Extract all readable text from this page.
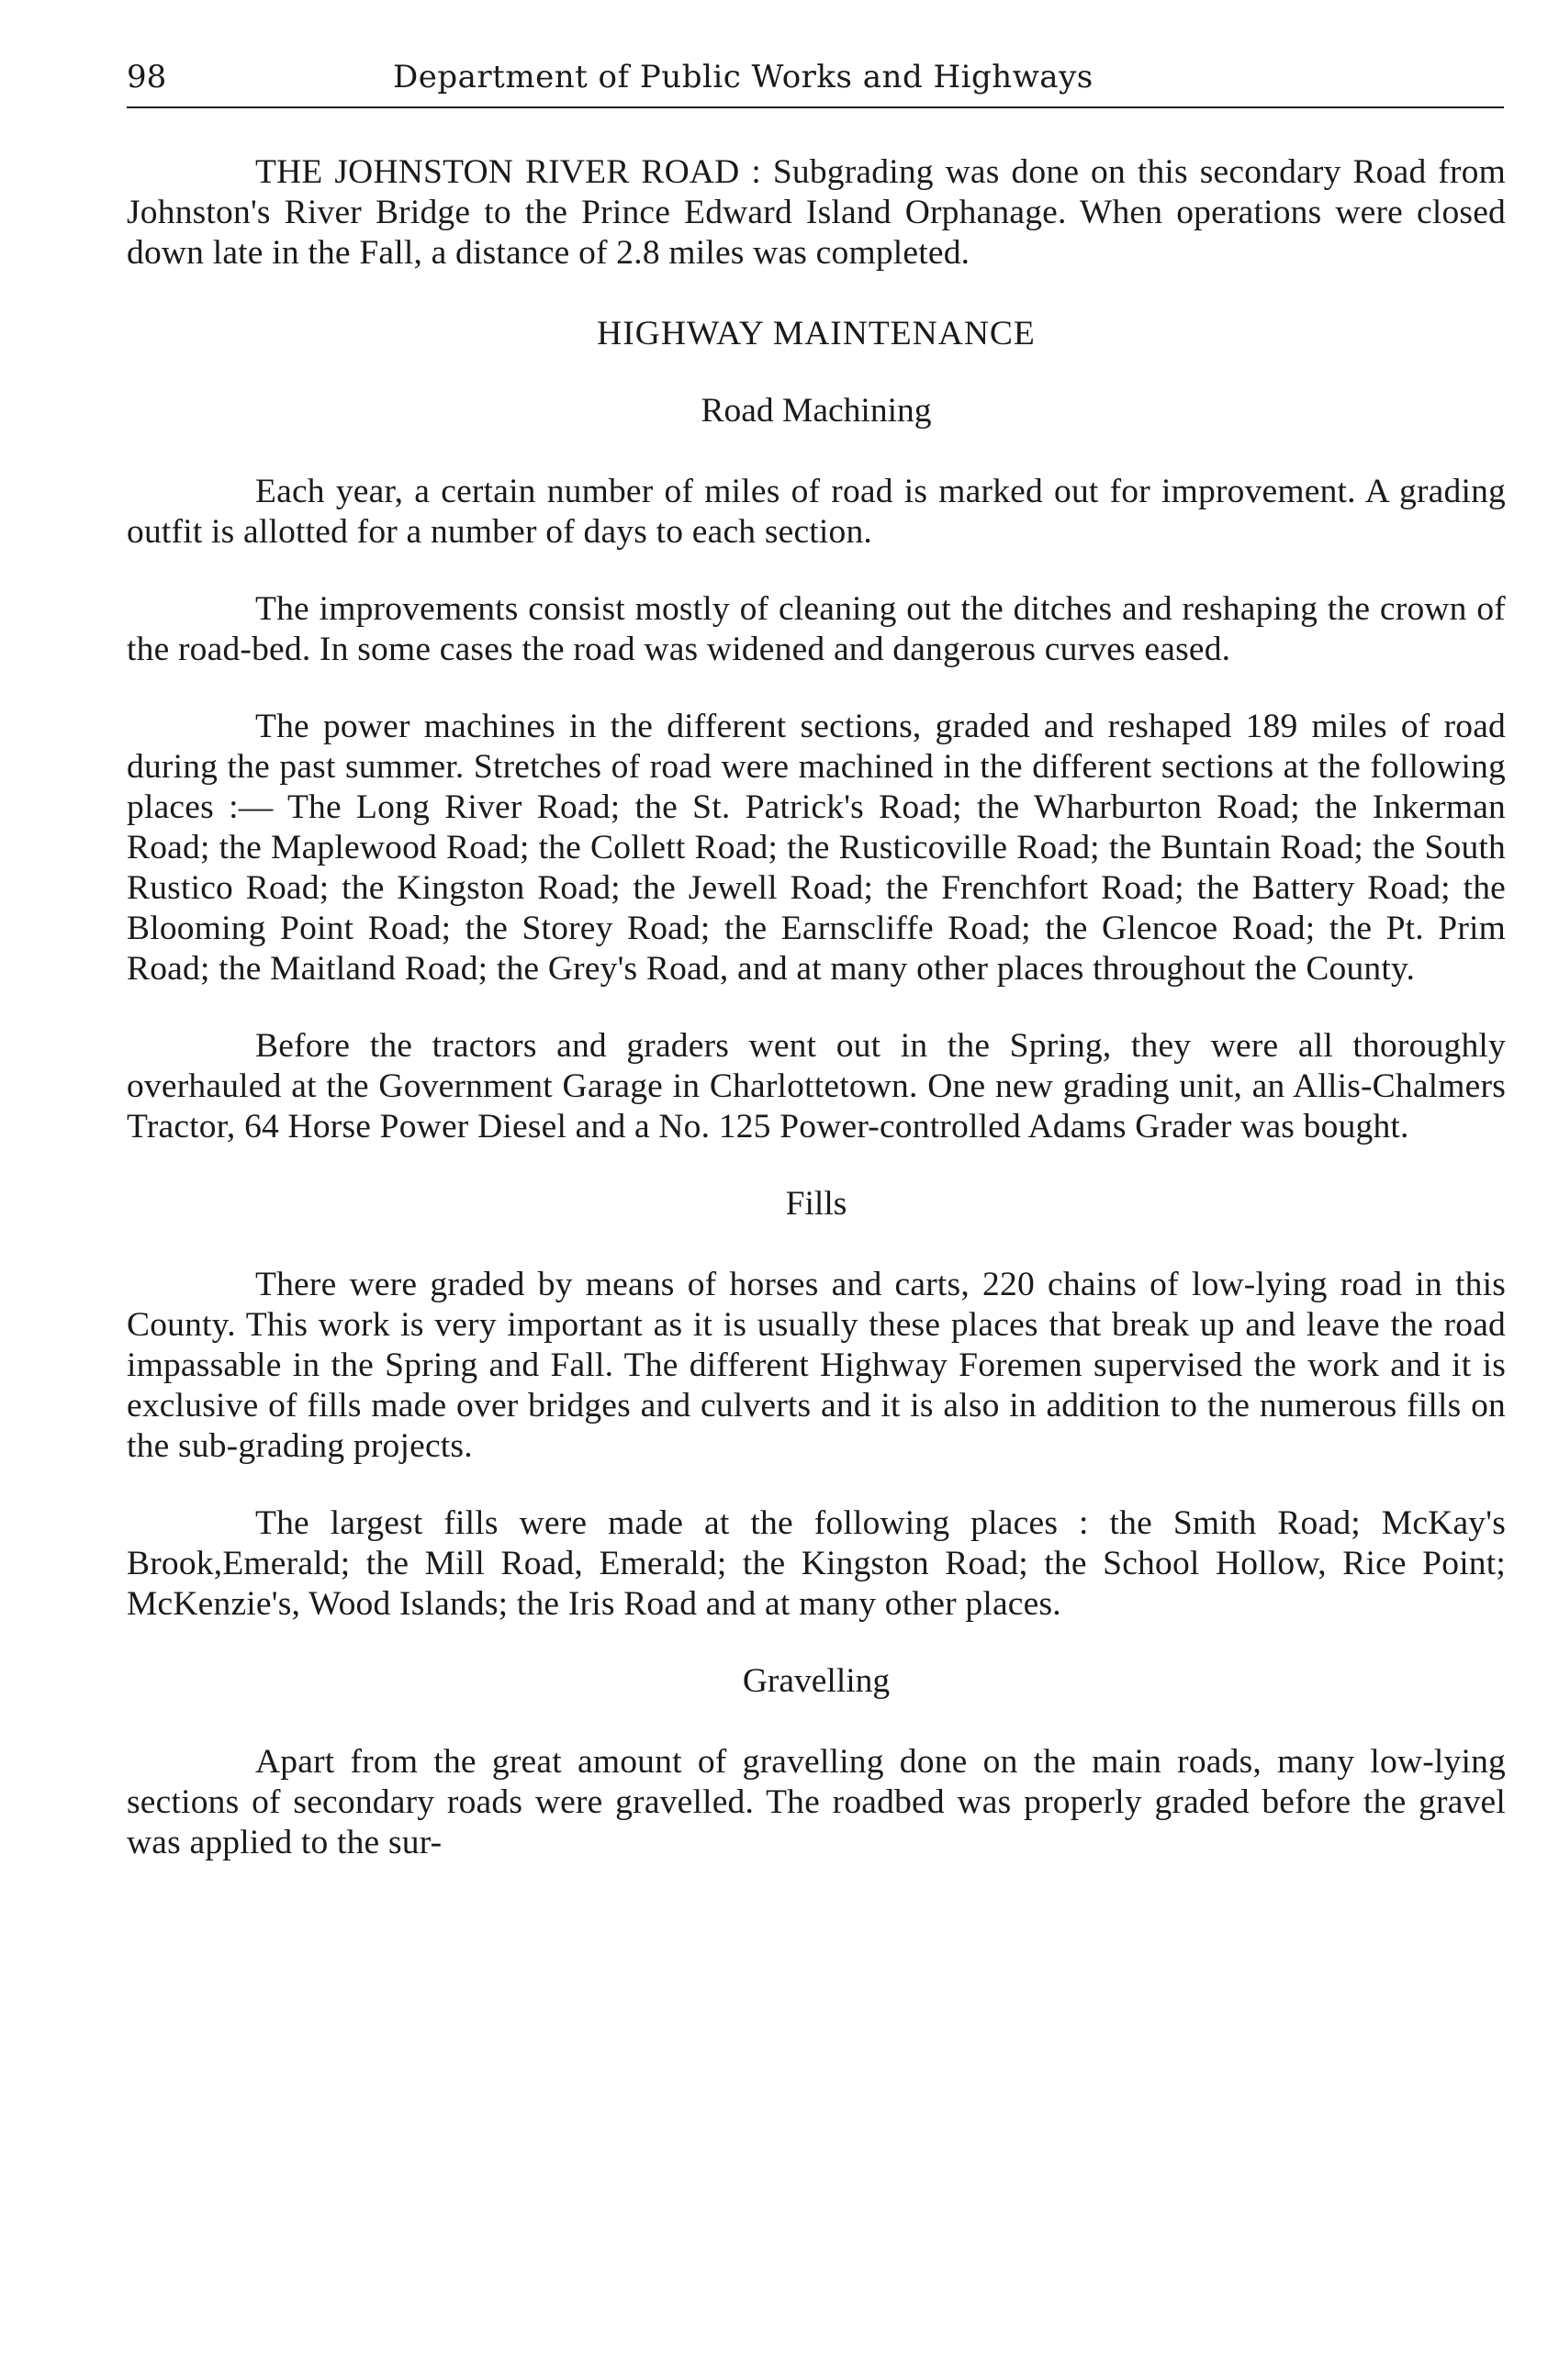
98	Department of Public Works and Highways

THE JOHNSTON RIVER ROAD : Subgrading was done on this secondary Road from Johnston's River Bridge to the Prince Edward Island Orphanage. When operations were closed down late in the Fall, a distance of 2.8 miles was completed.

HIGHWAY MAINTENANCE
Road Machining

Each year, a certain number of miles of road is marked out for improvement. A grading outfit is allotted for a number of days to each section.

The improvements consist mostly of cleaning out the ditches and reshaping the crown of the road-bed. In some cases the road was widened and dangerous curves eased.

The power machines in the different sections, graded and reshaped 189 miles of road during the past summer. Stretches of road were machined in the different sections at the following places :— The Long River Road; the St. Patrick's Road; the Wharburton Road; the Inkerman Road; the Maplewood Road; the Collett Road; the Rusticoville Road; the Buntain Road; the South Rustico Road; the Kingston Road; the Jewell Road; the Frenchfort Road; the Battery Road; the Blooming Point Road; the Storey Road; the Earnscliffe Road; the Glencoe Road; the Pt. Prim Road; the Maitland Road; the Grey's Road, and at many other places throughout the County.

Before the tractors and graders went out in the Spring, they were all thoroughly overhauled at the Government Garage in Charlottetown. One new grading unit, an Allis-Chalmers Tractor, 64 Horse Power Diesel and a No. 125 Power-controlled Adams Grader was bought.

Fills

There were graded by means of horses and carts, 220 chains of low-lying road in this County. This work is very important as it is usually these places that break up and leave the road impassable in the Spring and Fall. The different Highway Foremen supervised the work and it is exclusive of fills made over bridges and culverts and it is also in addition to the numerous fills on the sub-grading projects.

The largest fills were made at the following places : the Smith Road; McKay's Brook,Emerald; the Mill Road, Emerald; the Kingston Road; the School Hollow, Rice Point; McKenzie's, Wood Islands; the Iris Road and at many other places.

Gravelling

Apart from the great amount of gravelling done on the main roads, many low-lying sections of secondary roads were gravelled. The roadbed was properly graded before the gravel was applied to the sur-
